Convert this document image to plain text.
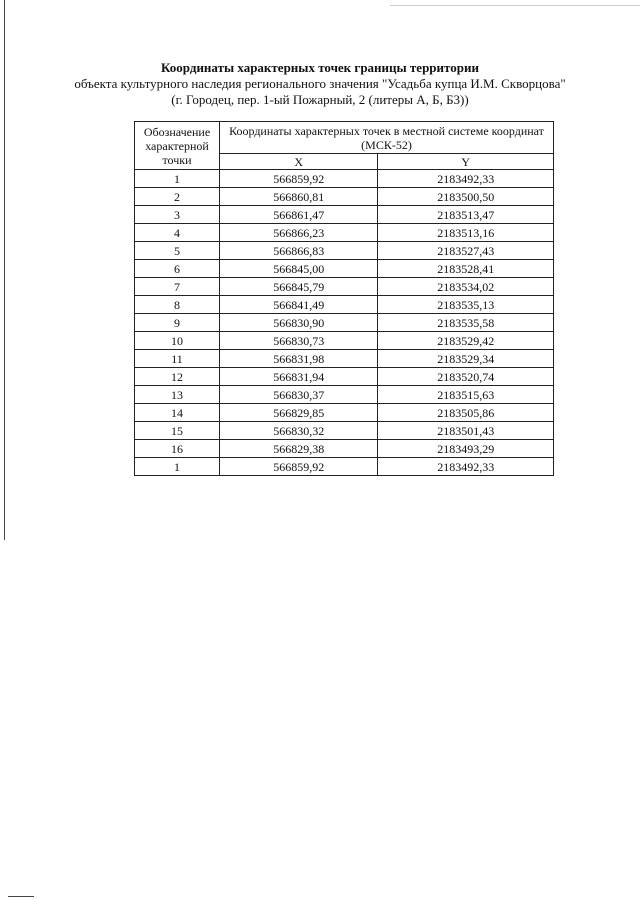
Координаты характерных точек границы территории
объекта культурного наследия регионального значения "Усадьба купца И.М. Скворцова"
(г. Городец, пер. 1-ый Пожарный, 2 (литеры А, Б, Б3))
Обозначение характерной точки	Координаты характерных точек в местной системе координат (МСК-52)	
	X	Y
1	566859,92	2183492,33
2	566860,81	2183500,50
3	566861,47	2183513,47
4	566866,23	2183513,16
5	566866,83	2183527,43
6	566845,00	2183528,41
7	566845,79	2183534,02
8	566841,49	2183535,13
9	566830,90	2183535,58
10	566830,73	2183529,42
11	566831,98	2183529,34
12	566831,94	2183520,74
13	566830,37	2183515,63
14	566829,85	2183505,86
15	566830,32	2183501,43
16	566829,38	2183493,29
1	566859,92	2183492,33
